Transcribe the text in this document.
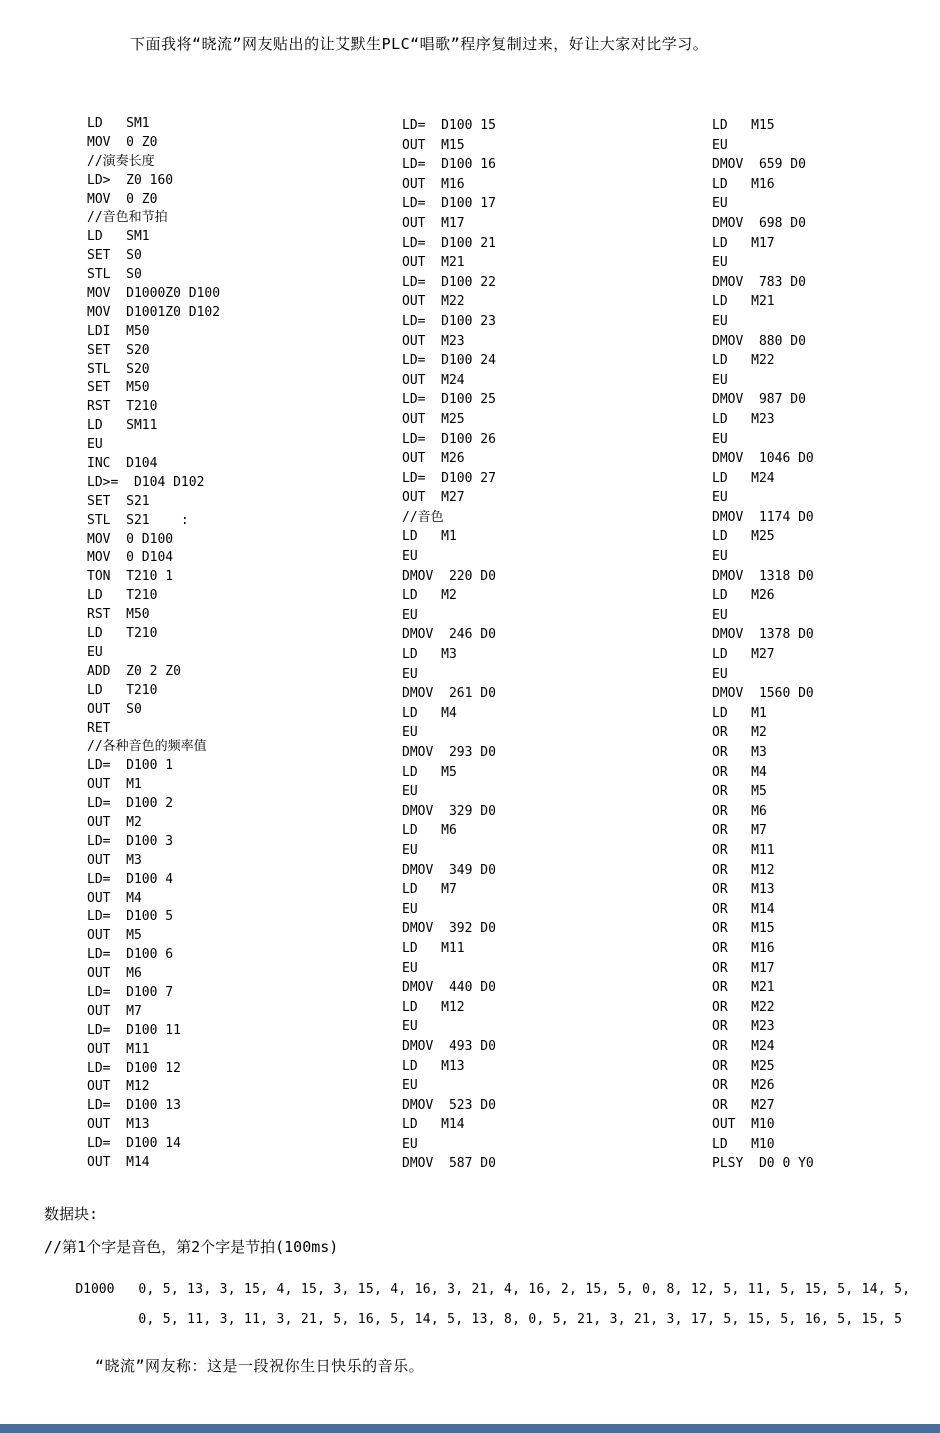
下面我将“晓流”网友贴出的让艾默生PLC“唱歌”程序复制过来，好让大家对比学习。
LD   SM1
MOV  0 Z0
//演奏长度
LD>  Z0 160
MOV  0 Z0
//音色和节拍
LD   SM1
SET  S0
STL  S0
MOV  D1000Z0 D100
MOV  D1001Z0 D102
LDI  M50
SET  S20
STL  S20
SET  M50
RST  T210
LD   SM11
EU
INC  D104
LD>=  D104 D102
SET  S21
STL  S21    :
MOV  0 D100
MOV  0 D104
TON  T210 1
LD   T210
RST  M50
LD   T210
EU
ADD  Z0 2 Z0
LD   T210
OUT  S0
RET
//各种音色的频率值
LD=  D100 1
OUT  M1
LD=  D100 2
OUT  M2
LD=  D100 3
OUT  M3
LD=  D100 4
OUT  M4
LD=  D100 5
OUT  M5
LD=  D100 6
OUT  M6
LD=  D100 7
OUT  M7
LD=  D100 11
OUT  M11
LD=  D100 12
OUT  M12
LD=  D100 13
OUT  M13
LD=  D100 14
OUT  M14
LD=  D100 15
OUT  M15
LD=  D100 16
OUT  M16
LD=  D100 17
OUT  M17
LD=  D100 21
OUT  M21
LD=  D100 22
OUT  M22
LD=  D100 23
OUT  M23
LD=  D100 24
OUT  M24
LD=  D100 25
OUT  M25
LD=  D100 26
OUT  M26
LD=  D100 27
OUT  M27
//音色
LD   M1
EU
DMOV  220 D0
LD   M2
EU
DMOV  246 D0
LD   M3
EU
DMOV  261 D0
LD   M4
EU
DMOV  293 D0
LD   M5
EU
DMOV  329 D0
LD   M6
EU
DMOV  349 D0
LD   M7
EU
DMOV  392 D0
LD   M11
EU
DMOV  440 D0
LD   M12
EU
DMOV  493 D0
LD   M13
EU
DMOV  523 D0
LD   M14
EU
DMOV  587 D0
LD   M15
EU
DMOV  659 D0
LD   M16
EU
DMOV  698 D0
LD   M17
EU
DMOV  783 D0
LD   M21
EU
DMOV  880 D0
LD   M22
EU
DMOV  987 D0
LD   M23
EU
DMOV  1046 D0
LD   M24
EU
DMOV  1174 D0
LD   M25
EU
DMOV  1318 D0
LD   M26
EU
DMOV  1378 D0
LD   M27
EU
DMOV  1560 D0
LD   M1
OR   M2
OR   M3
OR   M4
OR   M5
OR   M6
OR   M7
OR   M11
OR   M12
OR   M13
OR   M14
OR   M15
OR   M16
OR   M17
OR   M21
OR   M22
OR   M23
OR   M24
OR   M25
OR   M26
OR   M27
OUT  M10
LD   M10
PLSY  D0 0 Y0
数据块:
//第1个字是音色，第2个字是节拍(100ms)

D1000 0, 5, 13, 3, 15, 4, 15, 3, 15, 4, 16, 3, 21, 4, 16, 2, 15, 5, 0, 8, 12, 5, 11, 5, 15, 5, 14, 5,

0, 5, 11, 3, 11, 3, 21, 5, 16, 5, 14, 5, 13, 8, 0, 5, 21, 3, 21, 3, 17, 5, 15, 5, 16, 5, 15, 5

“晓流”网友称：这是一段祝你生日快乐的音乐。
